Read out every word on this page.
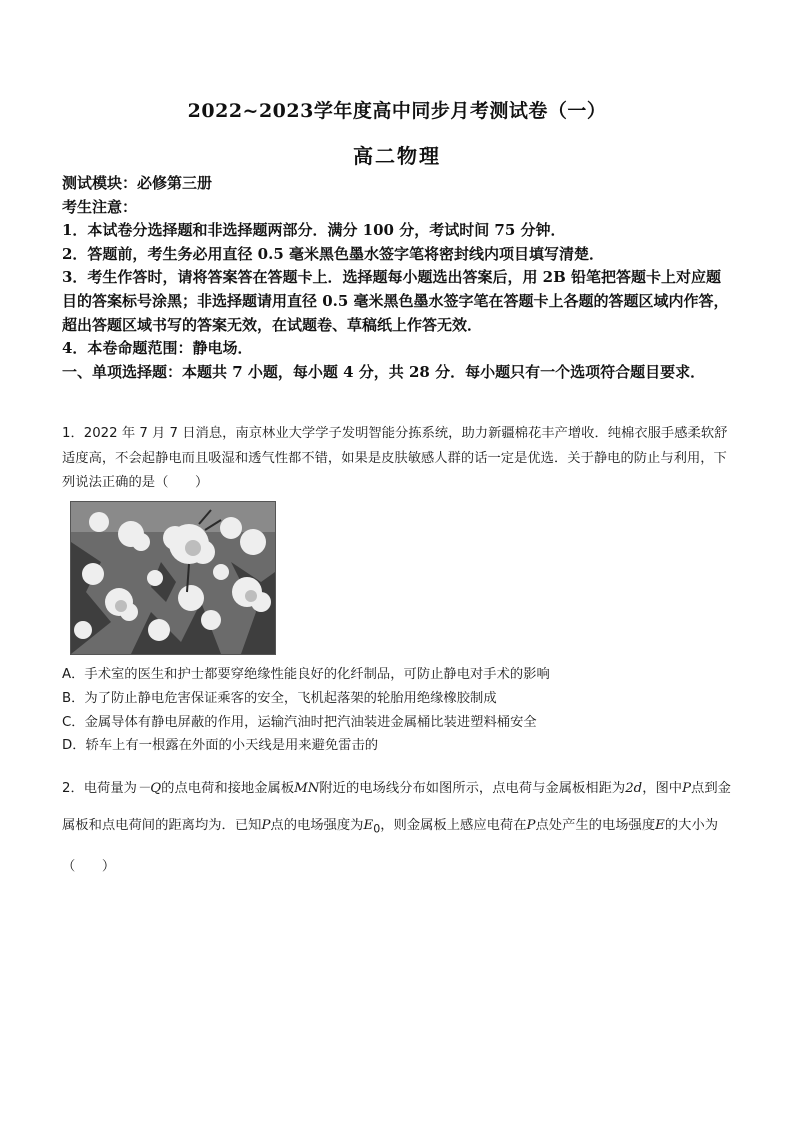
2022~2023学年度高中同步月考测试卷（一）
高二物理

测试模块：必修第三册

考生注意：

1．本试卷分选择题和非选择题两部分．满分 100 分，考试时间 75 分钟．

2．答题前，考生务必用直径 0.5 毫米黑色墨水签字笔将密封线内项目填写清楚．

3．考生作答时，请将答案答在答题卡上．选择题每小题选出答案后，用 2B 铅笔把答题卡上对应题目的答案标号涂黑；非选择题请用直径 0.5 毫米黑色墨水签字笔在答题卡上各题的答题区域内作答，超出答题区域书写的答案无效，在试题卷、草稿纸上作答无效．

4．本卷命题范围：静电场．

一、单项选择题：本题共 7 小题，每小题 4 分，共 28 分．每小题只有一个选项符合题目要求．

1．2022 年 7 月 7 日消息，南京林业大学学子发明智能分拣系统，助力新疆棉花丰产增收．纯棉衣服手感柔软舒适度高，不会起静电而且吸湿和透气性都不错，如果是皮肤敏感人群的话一定是优选．关于静电的防止与利用，下列说法正确的是（　　）

A．手术室的医生和护士都要穿绝缘性能良好的化纤制品，可防止静电对手术的影响

B．为了防止静电危害保证乘客的安全，飞机起落架的轮胎用绝缘橡胶制成

C．金属导体有静电屏蔽的作用，运输汽油时把汽油装进金属桶比装进塑料桶安全

D．轿车上有一根露在外面的小天线是用来避免雷击的

2．电荷量为－Q的点电荷和接地金属板MN附近的电场线分布如图所示，点电荷与金属板相距为2d，图中P点到金属板和点电荷间的距离均为．已知P点的电场强度为$E_0$，则金属板上感应电荷在P点处产生的电场强度E的大小为（　　）
